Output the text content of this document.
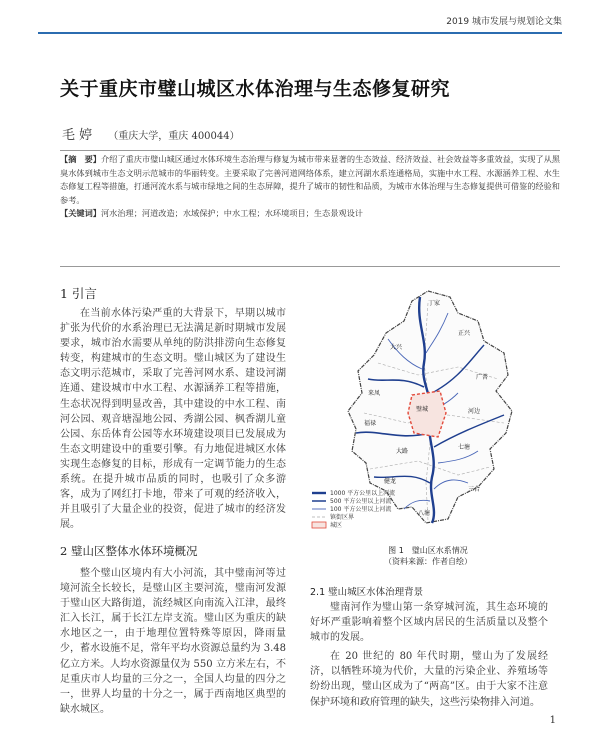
2019 城市发展与规划论文集
关于重庆市璧山城区水体治理与生态修复研究
毛 婷 （重庆大学，重庆 400044）

【摘　要】介绍了重庆市璧山城区通过水体环境生态治理与修复为城市带来显著的生态效益、经济效益、社会效益等多重效益，实现了从黑臭水体到城市生态文明示范城市的华丽转变。主要采取了完善河道网络体系，建立河湖水系连通格局，实施中水工程、水源涵养工程、水生态修复工程等措施，打通河流水系与城市绿地之间的生态屏障，提升了城市的韧性和品质，为城市水体治理与生态修复提供可借鉴的经验和参考。

【关键词】河水治理；河道改造；水域保护；中水工程；水环境项目；生态景观设计

1 引言

在当前水体污染严重的大背景下，早期以城市扩张为代价的水系治理已无法满足新时期城市发展要求，城市治水需要从单纯的防洪排涝向生态修复转变，构建城市的生态文明。璧山城区为了建设生态文明示范城市，采取了完善河网水系、建设河湖连通、建设城市中水工程、水源涵养工程等措施，生态状况得到明显改善，其中建设的中水工程、南河公园、观音塘湿地公园、秀湖公园、枫香湖儿童公园、东岳体育公园等水环境建设项目已发展成为生态文明建设中的重要引擎。有力地促进城区水体实现生态修复的目标，形成有一定调节能力的生态系统。在提升城市品质的同时，也吸引了众多游客，成为了网红打卡地，带来了可观的经济收入，并且吸引了大量企业的投资，促进了城市的经济发展。

2 璧山区整体水体环境概况

整个璧山区境内有大小河流，其中璧南河等过境河流全长较长，是璧山区主要河流，璧南河发源于璧山区大路街道，流经城区向南流入江津，最终汇入长江，属于长江左岸支流。璧山区为重庆的缺水地区之一，由于地理位置特殊等原因，降雨量少，蓄水设施不足，常年平均水资源总量约为 3.48 亿立方米。人均水资源量仅为 550 立方米左右，不足重庆市人均量的三分之一，全国人均量的四分之一，世界人均量的十分之一，属于西南地区典型的缺水城区。

丁家
大兴
正兴
来凤
广普
璧城
福禄
河边
大路
七塘
健龙
三合
八塘
1000 平方公里以上河流
500 平方公里以上河流
100 平方公里以上河流
镇街区界
城区
图 1　璧山区水系情况
（资料来源：作者自绘）
2.1 璧山城区水体治理背景

璧南河作为璧山第一条穿城河流，其生态环境的好坏严重影响着整个区域内居民的生活质量以及整个城市的发展。

在 20 世纪的 80 年代时期，璧山为了发展经济，以牺牲环境为代价，大量的污染企业、养殖场等纷纷出现，璧山区成为了“两高”区。由于大家不注意保护环境和政府管理的缺失，这些污染物排入河道。

1
